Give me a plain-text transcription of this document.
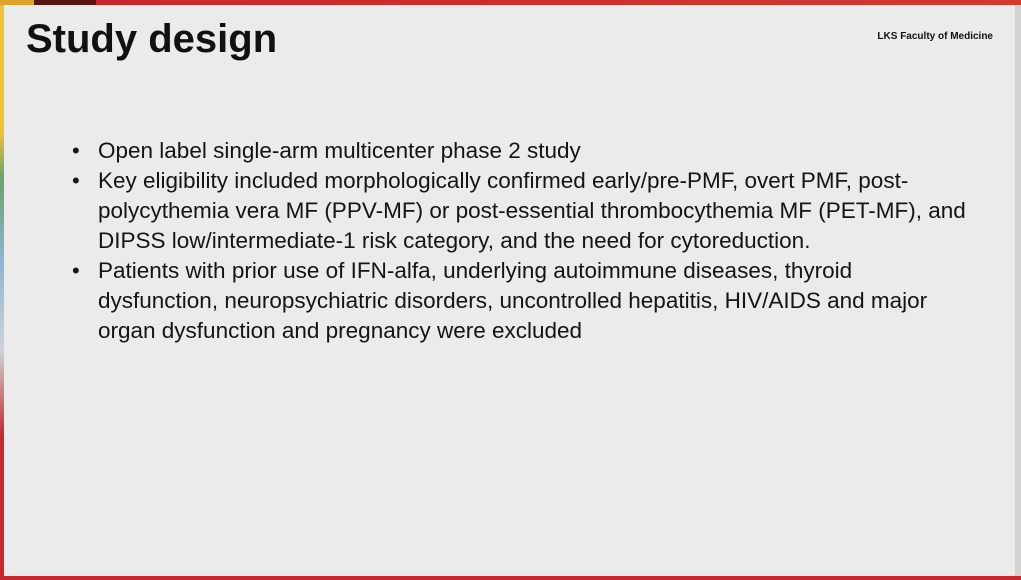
Study design	LKS Faculty of Medicine
• Open label single-arm multicenter phase 2 study
• Key eligibility included morphologically confirmed early/pre-PMF, overt PMF, post-polycythemia vera MF (PPV-MF) or post-essential thrombocythemia MF (PET-MF), and DIPSS low/intermediate-1 risk category, and the need for cytoreduction.
• Patients with prior use of IFN-alfa, underlying autoimmune diseases, thyroid dysfunction, neuropsychiatric disorders, uncontrolled hepatitis, HIV/AIDS and major organ dysfunction and pregnancy were excluded
